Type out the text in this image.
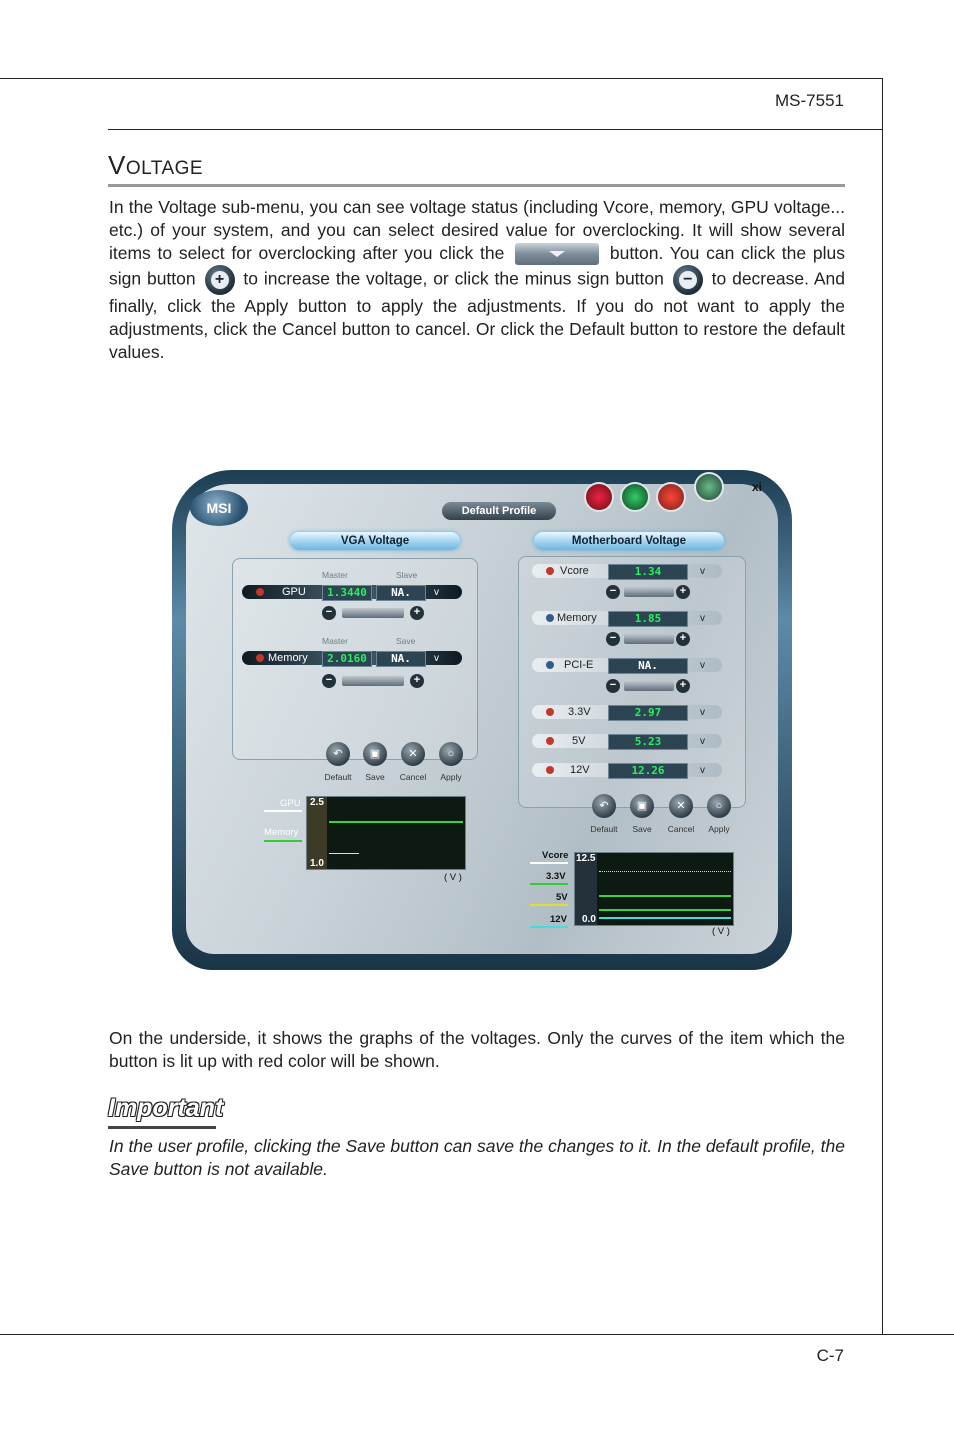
MS-7551
C-7
VOLTAGE
In the Voltage sub-menu, you can see voltage status (including Vcore, memory, GPU voltage... etc.) of your system, and you can select desired value for overclocking. It will show several items to select for overclocking after you click the	button. You can click the plus sign button + to increase the voltage, or click the minus sign button − to decrease. And finally, click the Apply button to apply the adjustments. If you do not want to apply the adjustments, click the Cancel button to cancel. Or click the Default button to restore the default values.
MSI	Default Profile
xi
VGA Voltage
Master	Slave
GPU	1.3440	NA.	v
−	+
Master	Save
Memory	2.0160	NA.	v
−	+
↶	▣	✕	○
Default	Save	Cancel	Apply
GPU
Memory
2.5
1.0
( V )
Motherboard Voltage
Vcore	1.34	v
−	+
Memory	1.85	v
−	+
PCI-E	NA.	v
−	+
3.3V	2.97	v
5V	5.23	v
12V	12.26	v
↶	▣	✕	○
Default	Save	Cancel	Apply
Vcore
3.3V
5V
12V
12.5
0.0
( V )
On the underside, it shows the graphs of the voltages. Only the curves of the item which the button is lit up with red color will be shown.
Important
In the user profile, clicking the Save button can save the changes to it. In the default profile, the Save button is not available.
